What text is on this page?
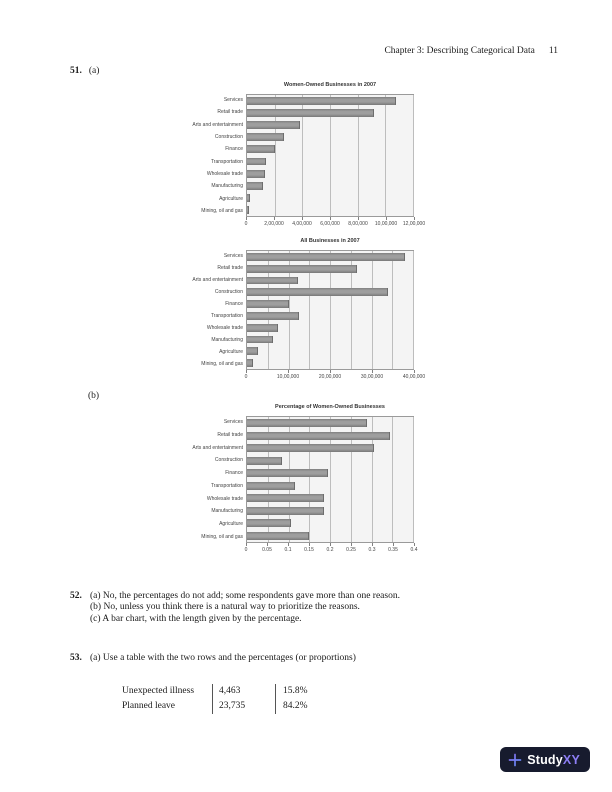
Chapter 3: Describing Categorical Data 11
51. (a)
Women-Owned Businesses in 2007
Services
Retail trade
Arts and entertainment
Construction
Finance
Transportation
Wholesale trade
Manufacturing
Agriculture
Mining, oil and gas
0	2,00,000 4,00,000 6,00,000 8,00,000 10,00,000 12,00,000
All Businesses in 2007
Services
Retail trade
Arts and entertainment
Construction
Finance
Transportation
Wholesale trade
Manufacturing
Agriculture
Mining, oil and gas
0	10,00,000	20,00,000	30,00,000	40,00,000
(b)
Percentage of Women-Owned Businesses
Services
Retail trade
Arts and entertainment
Construction
Finance
Transportation
Wholesale trade
Manufacturing
Agriculture
Mining, oil and gas
0	0.05	0.1	0.15	0.2	0.25	0.3	0.35	0.4
52. (a) No, the percentages do not add; some respondents gave more than one reason.
(b) No, unless you think there is a natural way to prioritize the reasons.
(c) A bar chart, with the length given by the percentage.
53. (a) Use a table with the two rows and the percentages (or proportions)
Unexpected illness	4,463	15.8%
Planned leave	23,735	84.2%
StudyXY
